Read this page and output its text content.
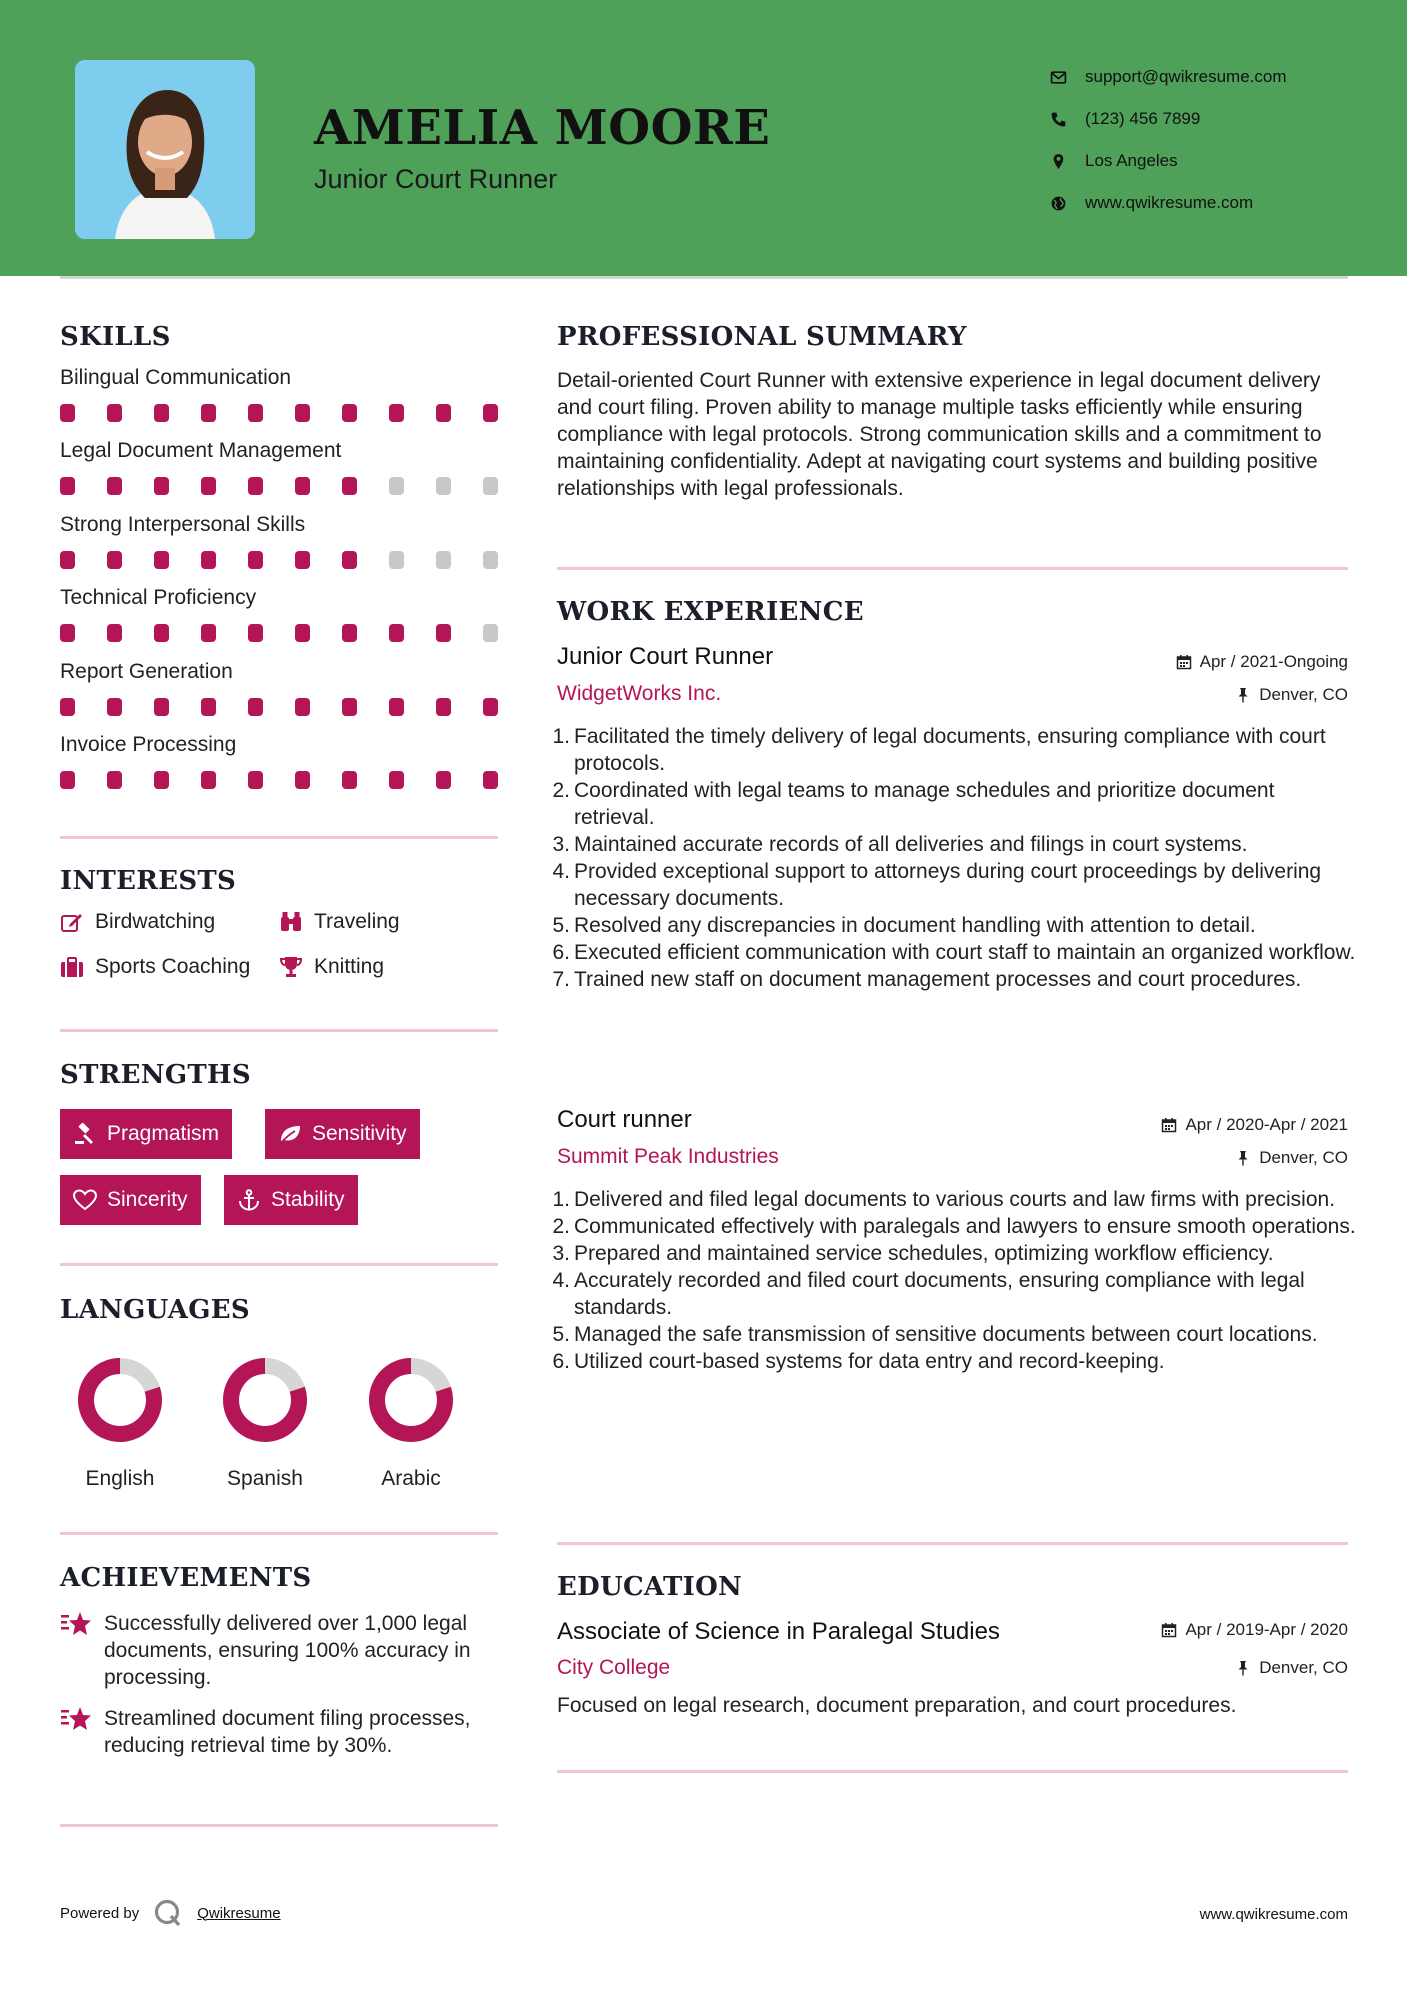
AMELIA MOORE
Junior Court Runner
support@qwikresume.com
(123) 456 7899
Los Angeles
www.qwikresume.com
SKILLS
Bilingual Communication
Legal Document Management
Strong Interpersonal Skills
Technical Proficiency
Report Generation
Invoice Processing
INTERESTS
Birdwatching	Traveling
Sports Coaching	Knitting
STRENGTHS
Pragmatism	Sensitivity
Sincerity	Stability
LANGUAGES
English	Spanish	Arabic
ACHIEVEMENTS
Successfully delivered over 1,000 legal documents, ensuring 100% accuracy in processing.
Streamlined document filing processes, reducing retrieval time by 30%.
PROFESSIONAL SUMMARY
Detail-oriented Court Runner with extensive experience in legal document delivery and court filing. Proven ability to manage multiple tasks efficiently while ensuring compliance with legal protocols. Strong communication skills and a commitment to maintaining confidentiality. Adept at navigating court systems and building positive relationships with legal professionals.
WORK EXPERIENCE
Junior Court Runner	Apr / 2021-Ongoing
WidgetWorks Inc.	Denver, CO
1. Facilitated the timely delivery of legal documents, ensuring compliance with court protocols.
2. Coordinated with legal teams to manage schedules and prioritize document retrieval.
3. Maintained accurate records of all deliveries and filings in court systems.
4. Provided exceptional support to attorneys during court proceedings by delivering necessary documents.
5. Resolved any discrepancies in document handling with attention to detail.
6. Executed efficient communication with court staff to maintain an organized workflow.
7. Trained new staff on document management processes and court procedures.
Court runner	Apr / 2020-Apr / 2021
Summit Peak Industries	Denver, CO
1. Delivered and filed legal documents to various courts and law firms with precision.
2. Communicated effectively with paralegals and lawyers to ensure smooth operations.
3. Prepared and maintained service schedules, optimizing workflow efficiency.
4. Accurately recorded and filed court documents, ensuring compliance with legal standards.
5. Managed the safe transmission of sensitive documents between court locations.
6. Utilized court-based systems for data entry and record-keeping.
EDUCATION
Associate of Science in Paralegal Studies	Apr / 2019-Apr / 2020
City College	Denver, CO
Focused on legal research, document preparation, and court procedures.
Powered by	Qwikresume	www.qwikresume.com
